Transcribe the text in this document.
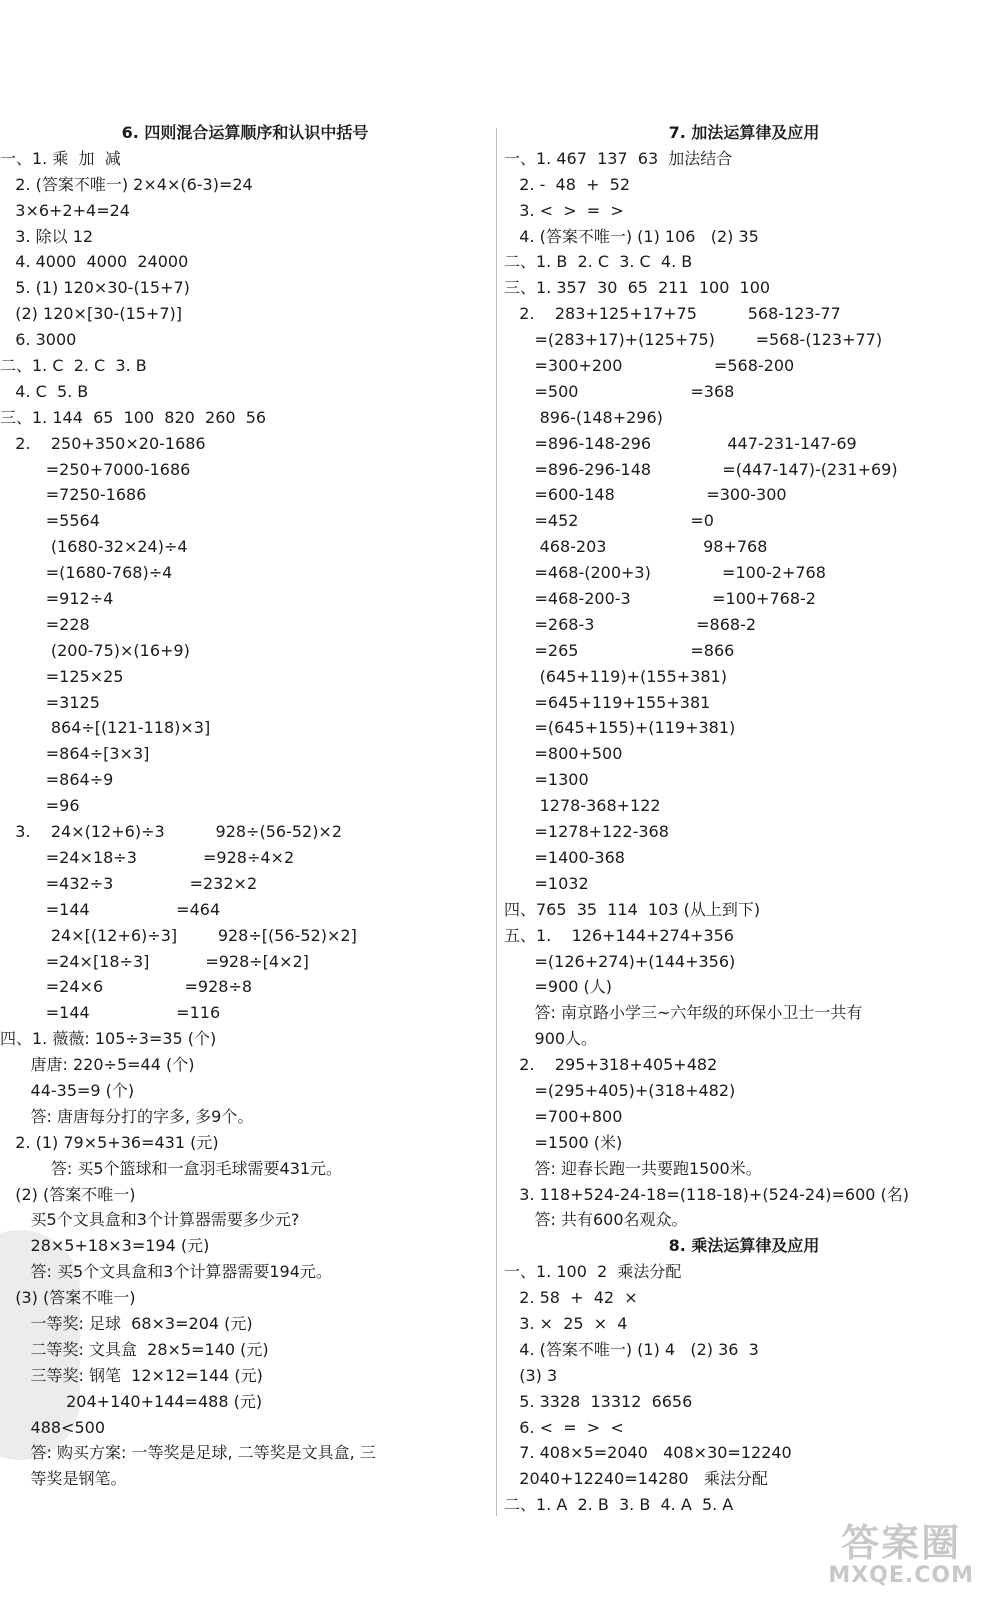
6. 四则混合运算顺序和认识中括号
一、1. 乘  加  减
2. (答案不唯一) 2×4×(6-3)=24
3×6+2+4=24
3. 除以 12
4. 4000  4000  24000
5. (1) 120×30-(15+7)
(2) 120×[30-(15+7)]
6. 3000
二、1. C  2. C  3. B
4. C  5. B
三、1. 144  65  100  820  260  56
2.    250+350×20-1686
=250+7000-1686
=7250-1686
=5564
(1680-32×24)÷4
=(1680-768)÷4
=912÷4
=228
(200-75)×(16+9)
=125×25
=3125
864÷[(121-118)×3]
=864÷[3×3]
=864÷9
=96
3.    24×(12+6)÷3          928÷(56-52)×2
=24×18÷3             =928÷4×2
=432÷3               =232×2
=144                 =464
24×[(12+6)÷3]        928÷[(56-52)×2]
=24×[18÷3]           =928÷[4×2]
=24×6                =928÷8
=144                 =116
四、1. 薇薇: 105÷3=35 (个)
唐唐: 220÷5=44 (个)
44-35=9 (个)
答: 唐唐每分打的字多, 多9个。
2. (1) 79×5+36=431 (元)
答: 买5个篮球和一盒羽毛球需要431元。
(2) (答案不唯一)
买5个文具盒和3个计算器需要多少元?
28×5+18×3=194 (元)
答: 买5个文具盒和3个计算器需要194元。
(3) (答案不唯一)
一等奖: 足球  68×3=204 (元)
二等奖: 文具盒  28×5=140 (元)
三等奖: 钢笔  12×12=144 (元)
204+140+144=488 (元)
488<500
答: 购买方案: 一等奖是足球, 二等奖是文具盒, 三
等奖是钢笔。
7. 加法运算律及应用
一、1. 467  137  63  加法结合
2. -  48  +  52
3. <  >  =  >
4. (答案不唯一) (1) 106   (2) 35
二、1. B  2. C  3. C  4. B
三、1. 357  30  65  211  100  100
2.    283+125+17+75          568-123-77
=(283+17)+(125+75)        =568-(123+77)
=300+200                  =568-200
=500                      =368
896-(148+296)
=896-148-296               447-231-147-69
=896-296-148              =(447-147)-(231+69)
=600-148                  =300-300
=452                      =0
468-203                   98+768
=468-(200+3)              =100-2+768
=468-200-3                =100+768-2
=268-3                    =868-2
=265                      =866
(645+119)+(155+381)
=645+119+155+381
=(645+155)+(119+381)
=800+500
=1300
1278-368+122
=1278+122-368
=1400-368
=1032
四、765  35  114  103 (从上到下)
五、1.    126+144+274+356
=(126+274)+(144+356)
=900 (人)
答: 南京路小学三~六年级的环保小卫士一共有
900人。
2.    295+318+405+482
=(295+405)+(318+482)
=700+800
=1500 (米)
答: 迎春长跑一共要跑1500米。
3. 118+524-24-18=(118-18)+(524-24)=600 (名)
答: 共有600名观众。
8. 乘法运算律及应用
一、1. 100  2  乘法分配
2. 58  +  42  ×
3. ×  25  ×  4
4. (答案不唯一) (1) 4   (2) 36  3
(3) 3
5. 3328  13312  6656
6. <  =  >  <
7. 408×5=2040   408×30=12240
2040+12240=14280   乘法分配
二、1. A  2. B  3. B  4. A  5. A
答案圈
MXQE.COM
